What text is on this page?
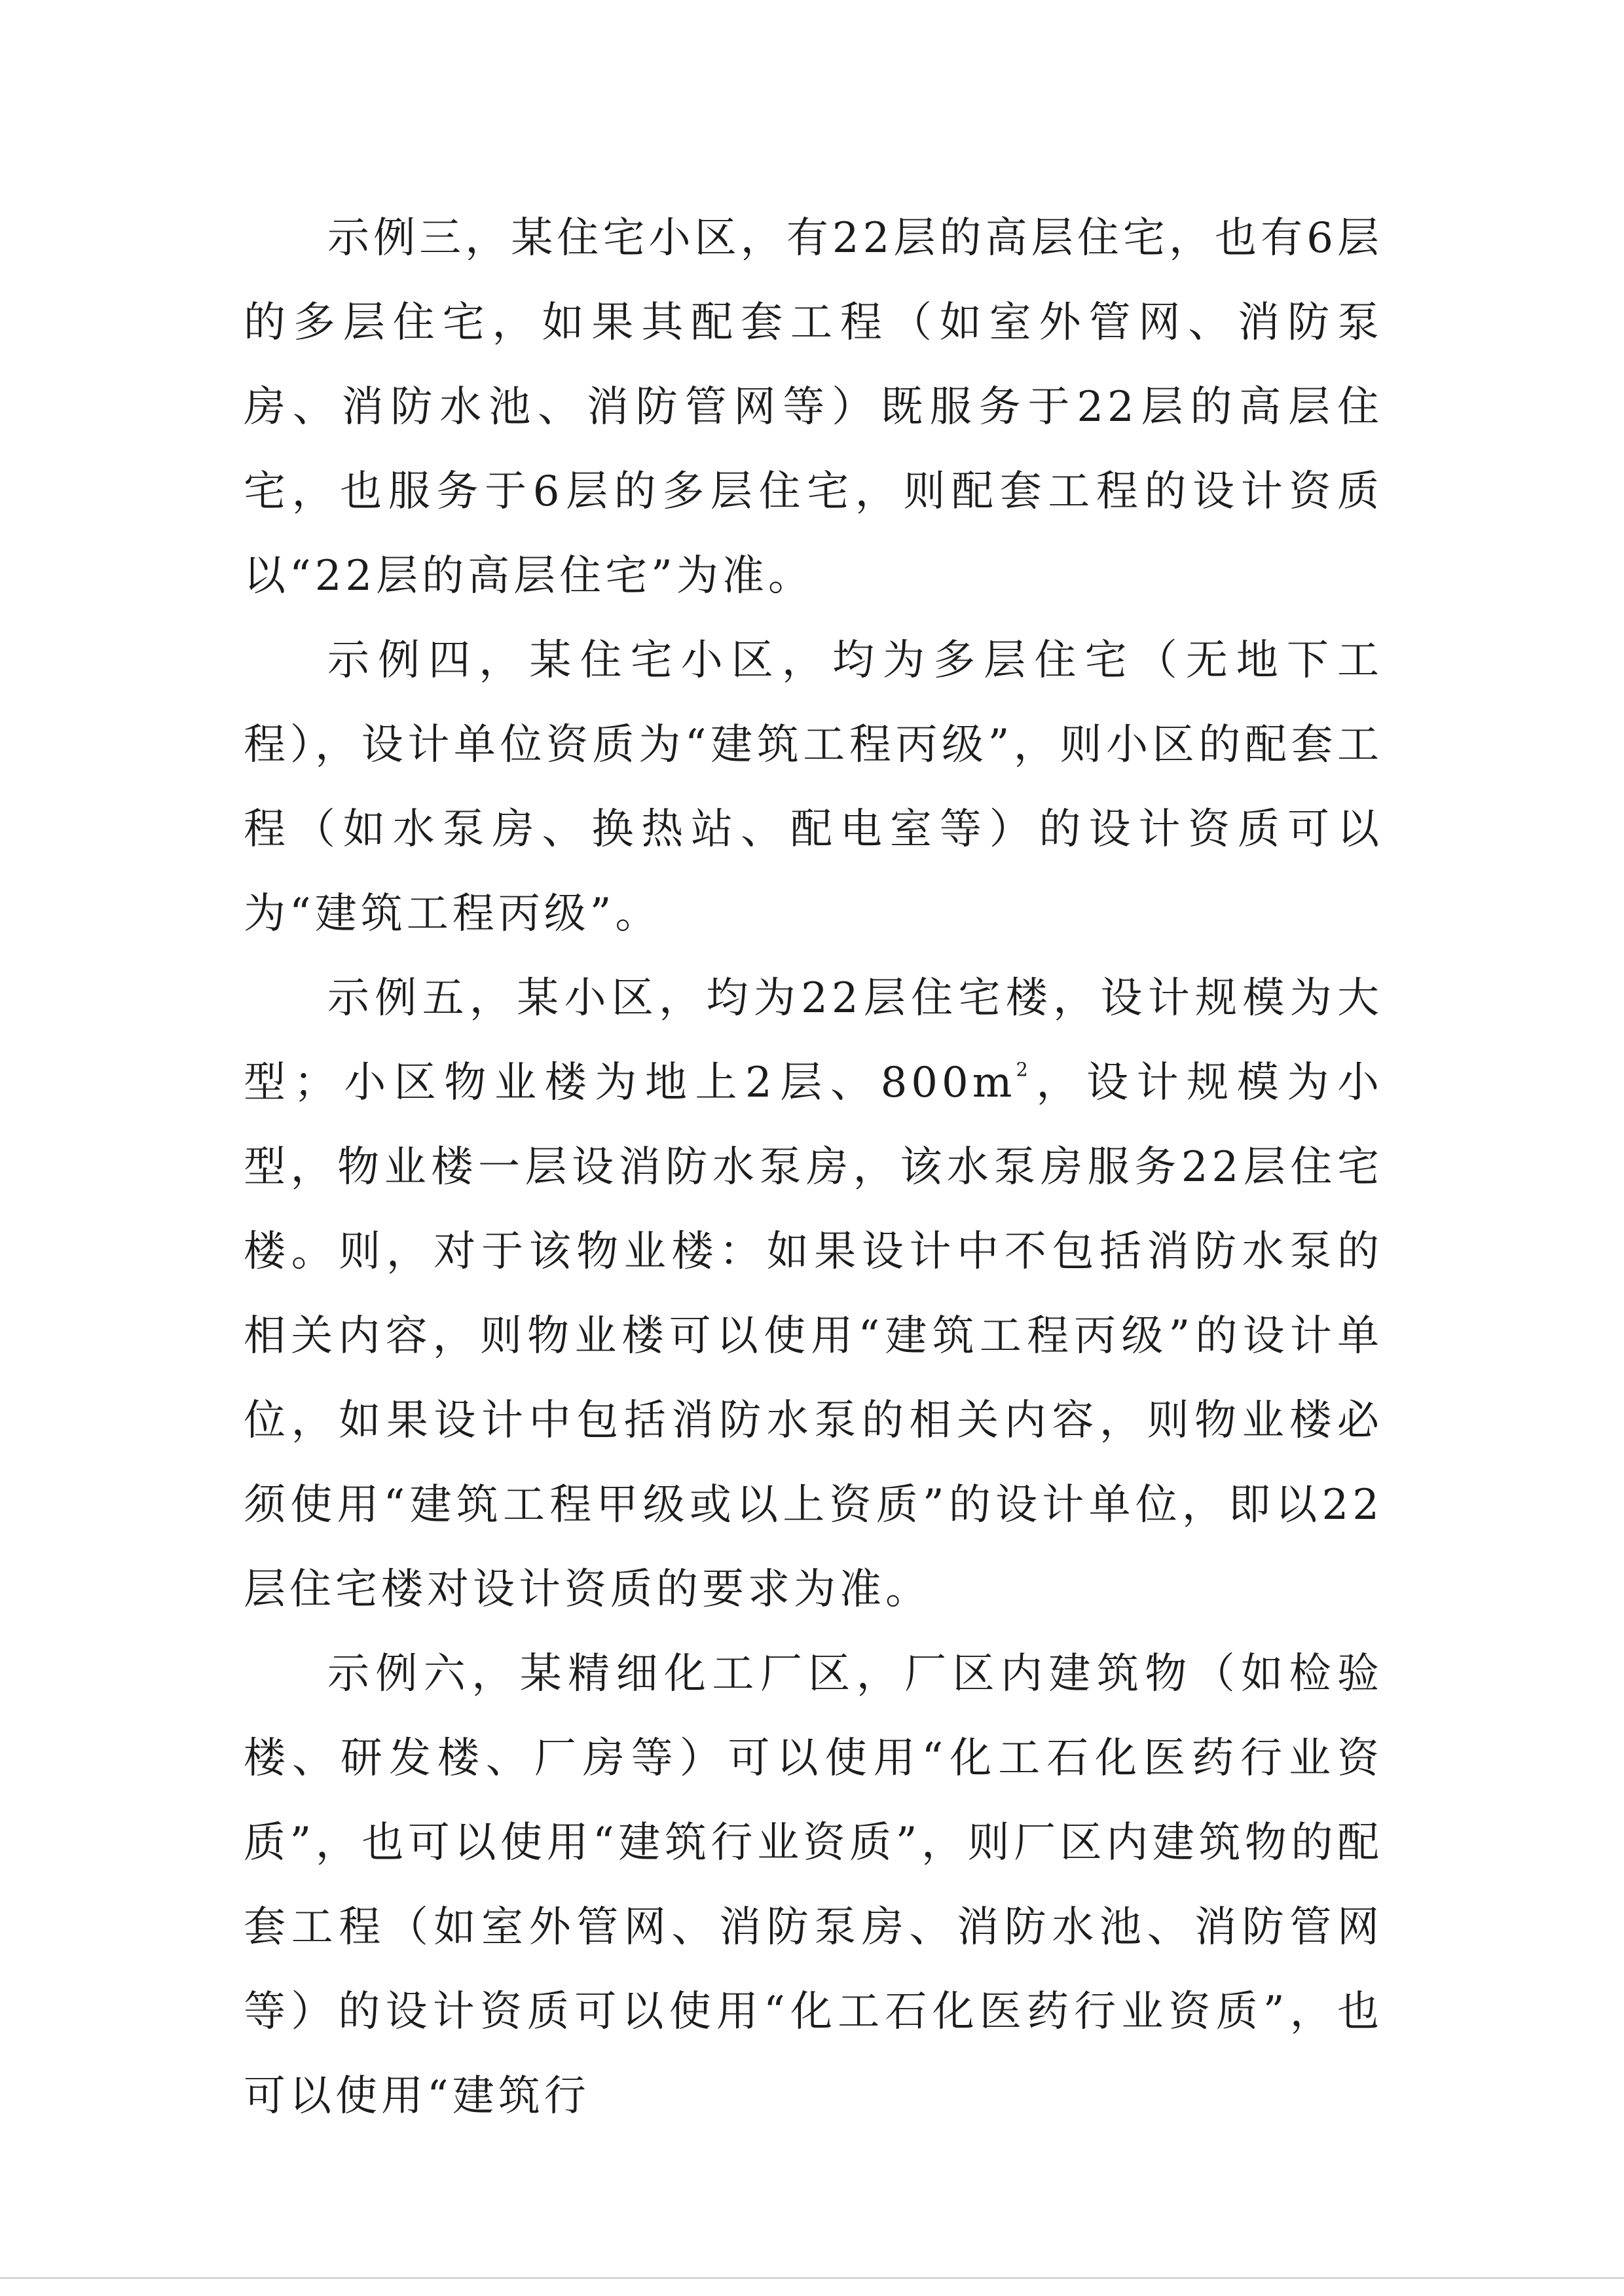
示例三，某住宅小区，有22层的高层住宅，也有6层的多层住宅，如果其配套工程（如室外管网、消防泵房、消防水池、消防管网等）既服务于22层的高层住宅，也服务于6层的多层住宅，则配套工程的设计资质以“22层的高层住宅”为准。

示例四，某住宅小区，均为多层住宅（无地下工程），设计单位资质为“建筑工程丙级”，则小区的配套工程（如水泵房、换热站、配电室等）的设计资质可以为“建筑工程丙级”。

示例五，某小区，均为22层住宅楼，设计规模为大型；小区物业楼为地上2层、$800m^2$，设计规模为小型，物业楼一层设消防水泵房，该水泵房服务22层住宅楼。则，对于该物业楼：如果设计中不包括消防水泵的相关内容，则物业楼可以使用“建筑工程丙级”的设计单位，如果设计中包括消防水泵的相关内容，则物业楼必须使用“建筑工程甲级或以上资质”的设计单位，即以22层住宅楼对设计资质的要求为准。

示例六，某精细化工厂区，厂区内建筑物（如检验楼、研发楼、厂房等）可以使用“化工石化医药行业资质”，也可以使用“建筑行业资质”，则厂区内建筑物的配套工程（如室外管网、消防泵房、消防水池、消防管网等）的设计资质可以使用“化工石化医药行业资质”，也可以使用“建筑行
